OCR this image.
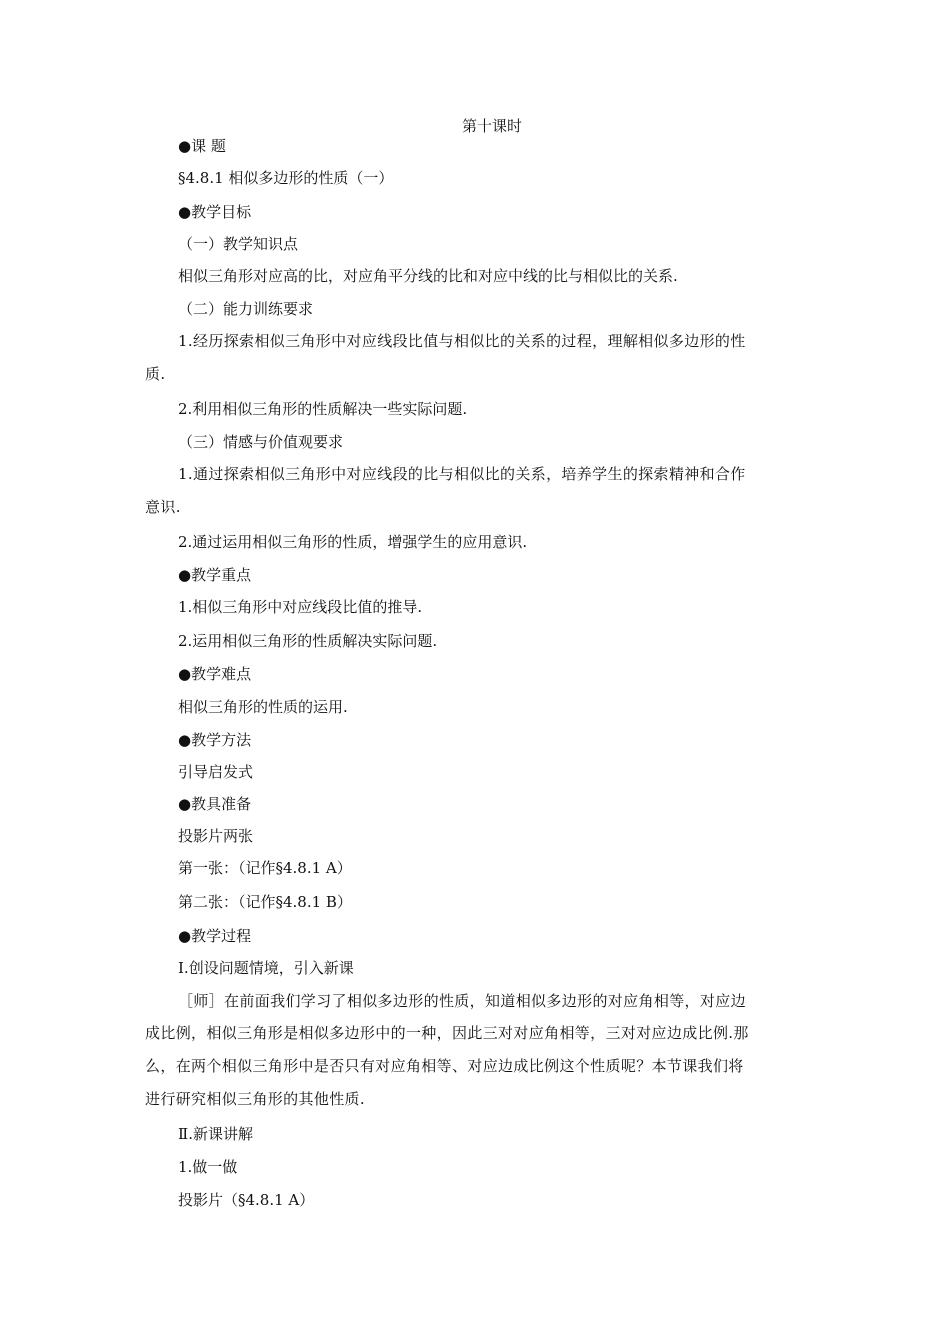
第十课时
●课 题
§4.8.1 相似多边形的性质（一）
●教学目标
（一）教学知识点
相似三角形对应高的比，对应角平分线的比和对应中线的比与相似比的关系.
（二）能力训练要求
1.经历探索相似三角形中对应线段比值与相似比的关系的过程，理解相似多边形的性
质.
2.利用相似三角形的性质解决一些实际问题.
（三）情感与价值观要求
1.通过探索相似三角形中对应线段的比与相似比的关系，培养学生的探索精神和合作
意识.
2.通过运用相似三角形的性质，增强学生的应用意识.
●教学重点
1.相似三角形中对应线段比值的推导.
2.运用相似三角形的性质解决实际问题.
●教学难点
相似三角形的性质的运用.
●教学方法
引导启发式
●教具准备
投影片两张
第一张：（记作§4.8.1 A）
第二张：（记作§4.8.1 B）
●教学过程
Ⅰ.创设问题情境，引入新课
［师］在前面我们学习了相似多边形的性质，知道相似多边形的对应角相等，对应边
成比例，相似三角形是相似多边形中的一种，因此三对对应角相等，三对对应边成比例.那
么，在两个相似三角形中是否只有对应角相等、对应边成比例这个性质呢？本节课我们将
进行研究相似三角形的其他性质.
Ⅱ.新课讲解
1.做一做
投影片（§4.8.1 A）
